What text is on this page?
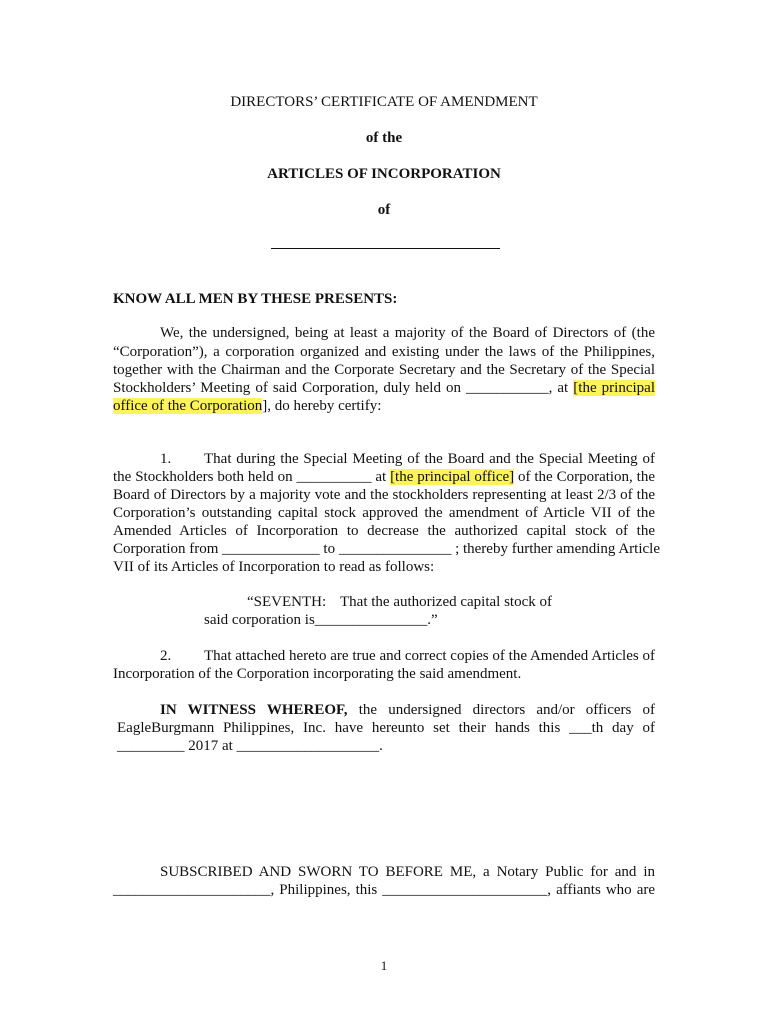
DIRECTORS’ CERTIFICATE OF AMENDMENT
of the
ARTICLES OF INCORPORATION
of
KNOW ALL MEN BY THESE PRESENTS:
We, the undersigned, being at least a majority of the Board of Directors of (the
“Corporation”), a corporation organized and existing under the laws of the Philippines,
together with the Chairman and the Corporate Secretary and the Secretary of the Special
Stockholders’ Meeting of said Corporation, duly held on ___________, at [the principal
office of the Corporation], do hereby certify:
1. That during the Special Meeting of the Board and the Special Meeting of
the Stockholders both held on __________ at [the principal office] of the Corporation, the
Board of Directors by a majority vote and the stockholders representing at least 2/3 of the
Corporation’s outstanding capital stock approved the amendment of Article VII of the
Amended Articles of Incorporation to decrease the authorized capital stock of the
Corporation from _____________ to _______________ ; thereby further amending Article
VII of its Articles of Incorporation to read as follows:
“SEVENTH: That the authorized capital stock of
said corporation is_______________.”
2. That attached hereto are true and correct copies of the Amended Articles of
Incorporation of the Corporation incorporating the said amendment.
IN WITNESS WHEREOF, the undersigned directors and/or officers of
EagleBurgmann Philippines, Inc. have hereunto set their hands this ___th day of
_________ 2017 at ___________________.
SUBSCRIBED AND SWORN TO BEFORE ME, a Notary Public for and in
_____________________, Philippines, this ______________________, affiants who are
1
